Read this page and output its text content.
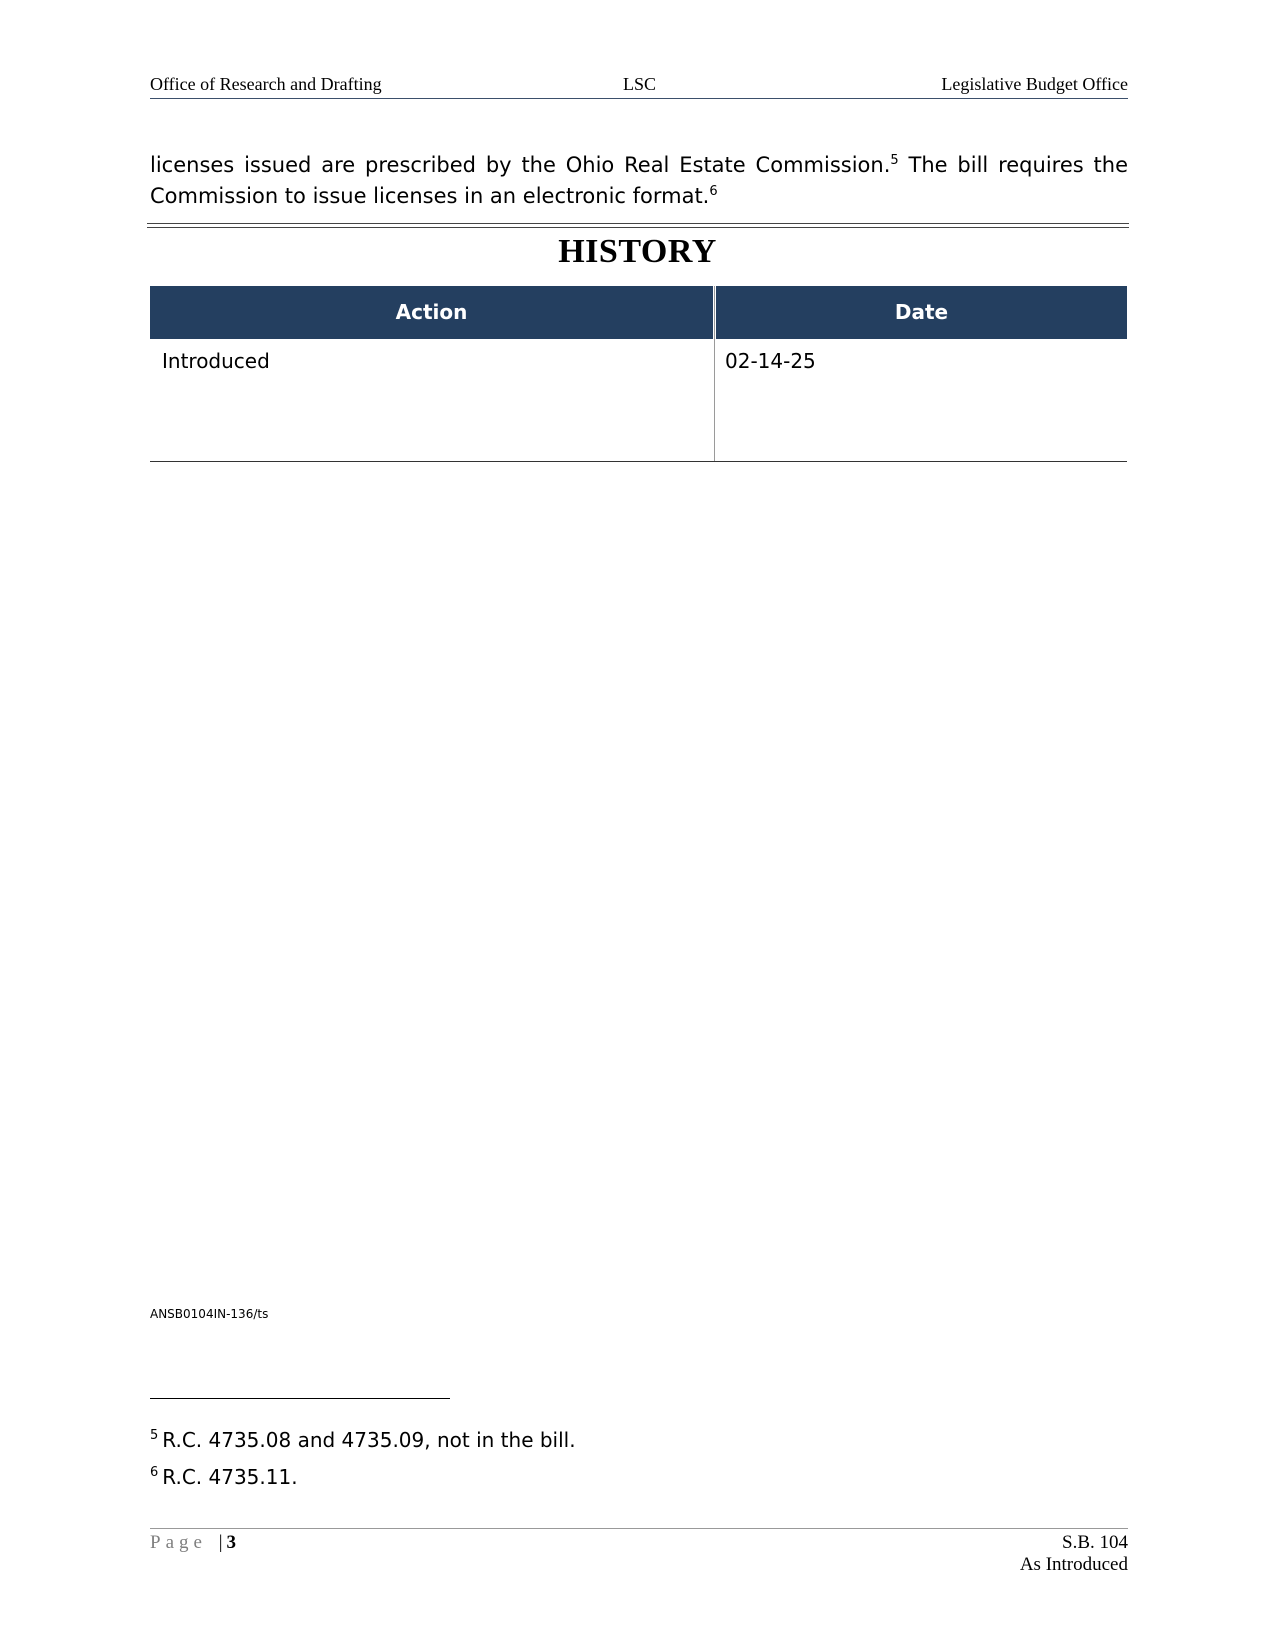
Office of Research and Drafting	LSC	Legislative Budget Office
licenses issued are prescribed by the Ohio Real Estate Commission.$^5$ The bill requires the Commission to issue licenses in an electronic format.$^6$
HISTORY
Action	Date
Introduced	02-14-25
ANSB0104IN-136/ts
$^5$ R.C. 4735.08 and 4735.09, not in the bill.
$^6$ R.C. 4735.11.
Page | 3	S.B. 104
As Introduced
